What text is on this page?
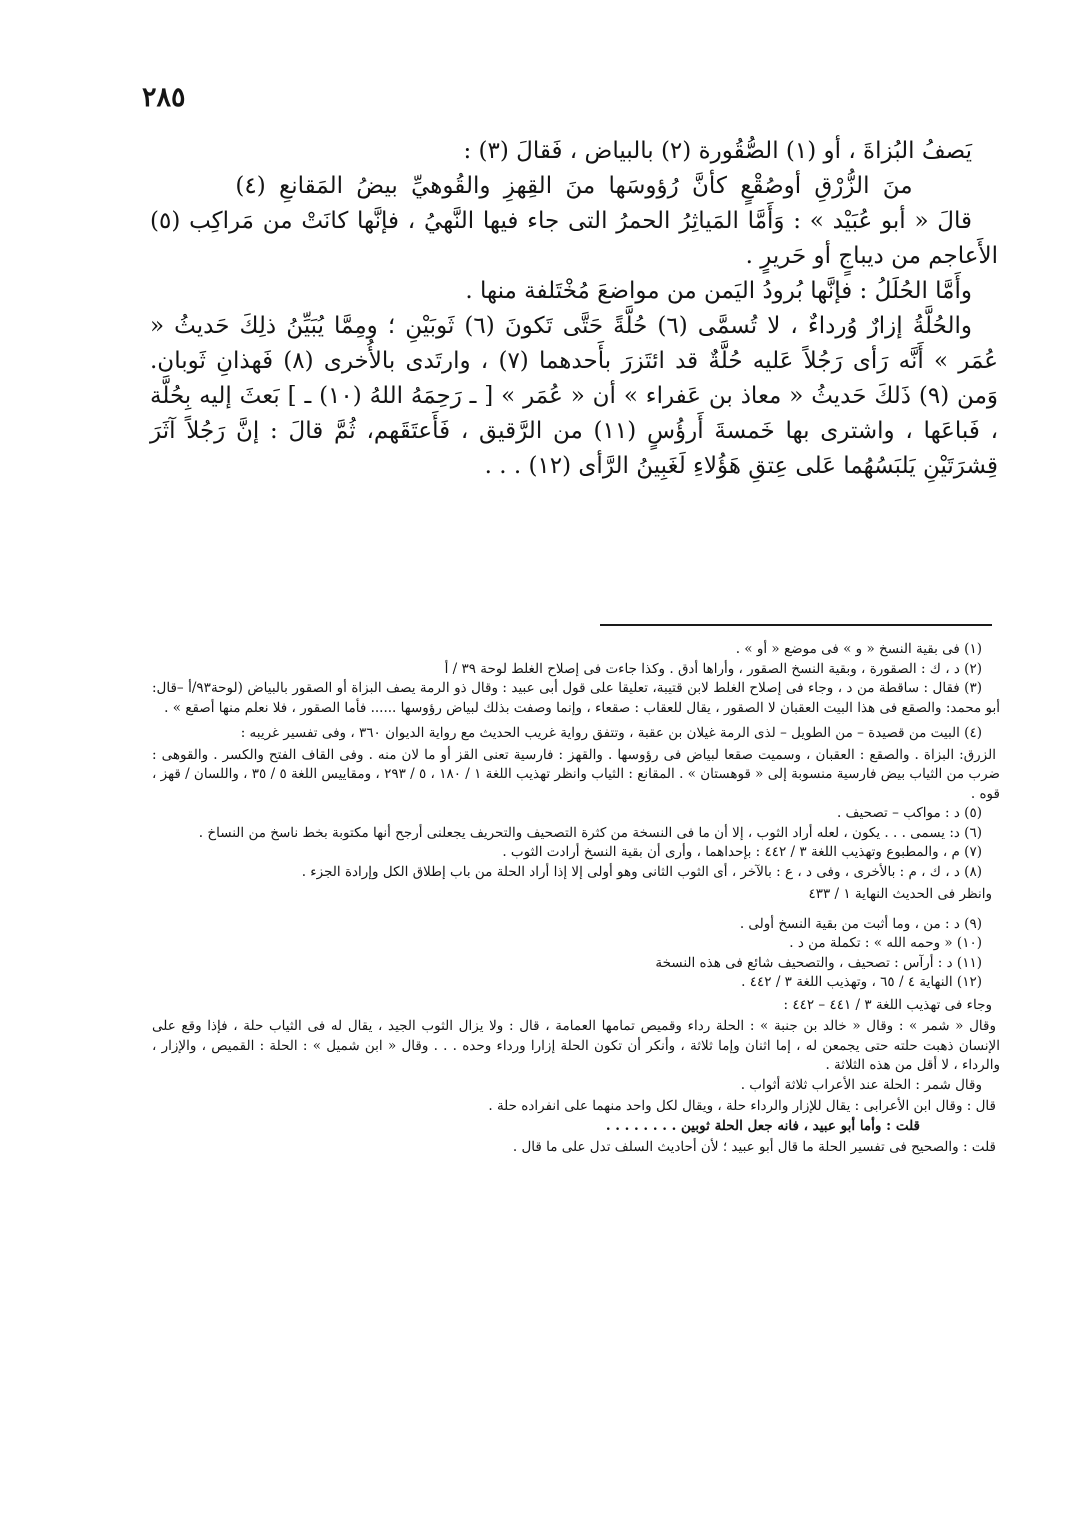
٢٨٥

يَصفُ البُزاةَ ، أو (١) الصُّقُورة (٢) بالبياض ، فَقالَ (٣) :

منَ الزُّرْقِ أوصُقْعٍ كأنَّ رُؤوسَها منَ القِهزِ والقُوهيِّ بيضُ المَقانعِ (٤)

قالَ « أبو عُبَيْد » : وَأَمَّا المَياثِرُ الحمرُ التى جاء فيها النَّهيُ ، فإنَّها كانَتْ من مَراكِب (٥) الأَعاجم من ديباجٍ أو حَريرٍ .

وأَمَّا الحُلَلُ : فإنَّها بُرودُ اليَمن من مواضعَ مُخْتَلفة منها .

والحُلَّةُ إزارٌ وُرداءٌ ، لا تُسمَّى (٦) حُلَّةً حَتَّى تَكونَ (٦) ثَوبَيْنِ ؛ ومِمَّا يُبَيِّنُ ذلِكَ حَديثُ « عُمَر » أَنَّه رَأى رَجُلاً عَليه حُلَّةٌ قد ائتَزرَ بأَحدهما (٧) ، وارتَدى بالأُخرى (٨) فَهذانِ ثَوبان. وَمن (٩) ذَلكَ حَديثُ « معاذ بن عَفراء » أن « عُمَر » [ ـ رَحِمَهُ اللهُ (١٠) ـ ] بَعثَ إليه بِحُلَّة ، فَباعَها ، واشترى بها خَمسةَ أَرؤُسٍ (١١) من الرَّقيق ، فَأَعتَقَهم، ثُمَّ قالَ : إنَّ رَجُلاً آثَرَ قِشرَتَيْنِ يَلبَسُهُما عَلى عِتقِ هَؤُلاءِ لَغَبِينُ الرَّأى (١٢) . . .

(١) فى بقية النسخ « و » فى موضع « أو » .

(٢) د ، ك : الصقورة ، وبقية النسخ الصقور ، وأراها أدق . وكذا جاءت فى إصلاح الغلط لوحة ٣٩ / أ

(٣) فقال : ساقطة من د ، وجاء فى إصلاح الغلط لابن قتيبة، تعليقا على قول أبى عبيد : وقال ذو الرمة يصف البزاة أو الصقور بالبياض (لوحة٩٣/أ –قال: أبو محمد: والصقع فى هذا البيت العقبان لا الصقور ، يقال للعقاب : صقعاء ، وإنما وصفت بذلك لبياض رؤوسها ...... فأما الصقور ، فلا نعلم منها أصقع » .

(٤) البيت من قصيدة – من الطويل – لذى الرمة غيلان بن عقبة ، وتتفق رواية غريب الحديث مع رواية الديوان ٣٦٠ ، وفى تفسير غريبه :

الزرق: البزاة . والصقع : العقبان ، وسميت صقعا لبياض فى رؤوسها . والقهز : فارسية تعنى القز أو ما لان منه . وفى القاف الفتح والكسر . والقوهى : ضرب من الثياب بيض فارسية منسوبة إلى « قوهستان » . المقانع : الثياب وانظر تهذيب اللغة ١ / ١٨٠ ، ٥ / ٢٩٣ ، ومقاييس اللغة ٥ / ٣٥ ، واللسان / قهز ، قوه .

(٥) د : مواكب – تصحيف .

(٦) د: يسمى . . . يكون ، لعله أراد الثوب ، إلا أن ما فى النسخة من كثرة التصحيف والتحريف يجعلنى أرجح أنها مكتوبة بخط ناسخ من النساخ .

(٧) م ، والمطبوع وتهذيب اللغة ٣ / ٤٤٢ : بإحداهما ، وأرى أن بقية النسخ أرادت الثوب .

(٨) د ، ك ، م : بالأخرى ، وفى د ، ع : بالآخر ، أى الثوب الثانى وهو أولى إلا إذا أراد الحلة من باب إطلاق الكل وإرادة الجزء .

وانظر فى الحديث النهاية ١ / ٤٣٣

(٩) د : من ، وما أثبت من بقية النسخ أولى .

(١٠) « وحمه الله » : تكملة من د .

(١١) د : أرآس : تصحيف ، والتصحيف شائع فى هذه النسخة

(١٢) النهاية ٤ / ٦٥ ، وتهذيب اللغة ٣ / ٤٤٢ .

وجاء فى تهذيب اللغة ٣ / ٤٤١ – ٤٤٢ :

وقال « شمر » : وقال « خالد بن جنبة » : الحلة رداء وقميص تمامها العمامة ، قال : ولا يزال الثوب الجيد ، يقال له فى الثياب حلة ، فإذا وقع على الإنسان ذهبت حلته حتى يجمعن له ، إما اثنان وإما ثلاثة ، وأنكر أن تكون الحلة إزارا ورداء وحده . . . وقال « ابن شميل » : الحلة : القميص ، والإزار ، والرداء ، لا أقل من هذه الثلاثة .

وقال شمر : الحلة عند الأعراب ثلاثة أثواب .

قال : وقال ابن الأعرابى : يقال للإزار والرداء حلة ، ويقال لكل واحد منهما على انفراده حلة .

قلت : وأما أبو عبيد ، فانه جعل الحلة ثوبين . . . . . . . .

قلت : والصحيح فى تفسير الحلة ما قال أبو عبيد ؛ لأن أحاديث السلف تدل على ما قال .
